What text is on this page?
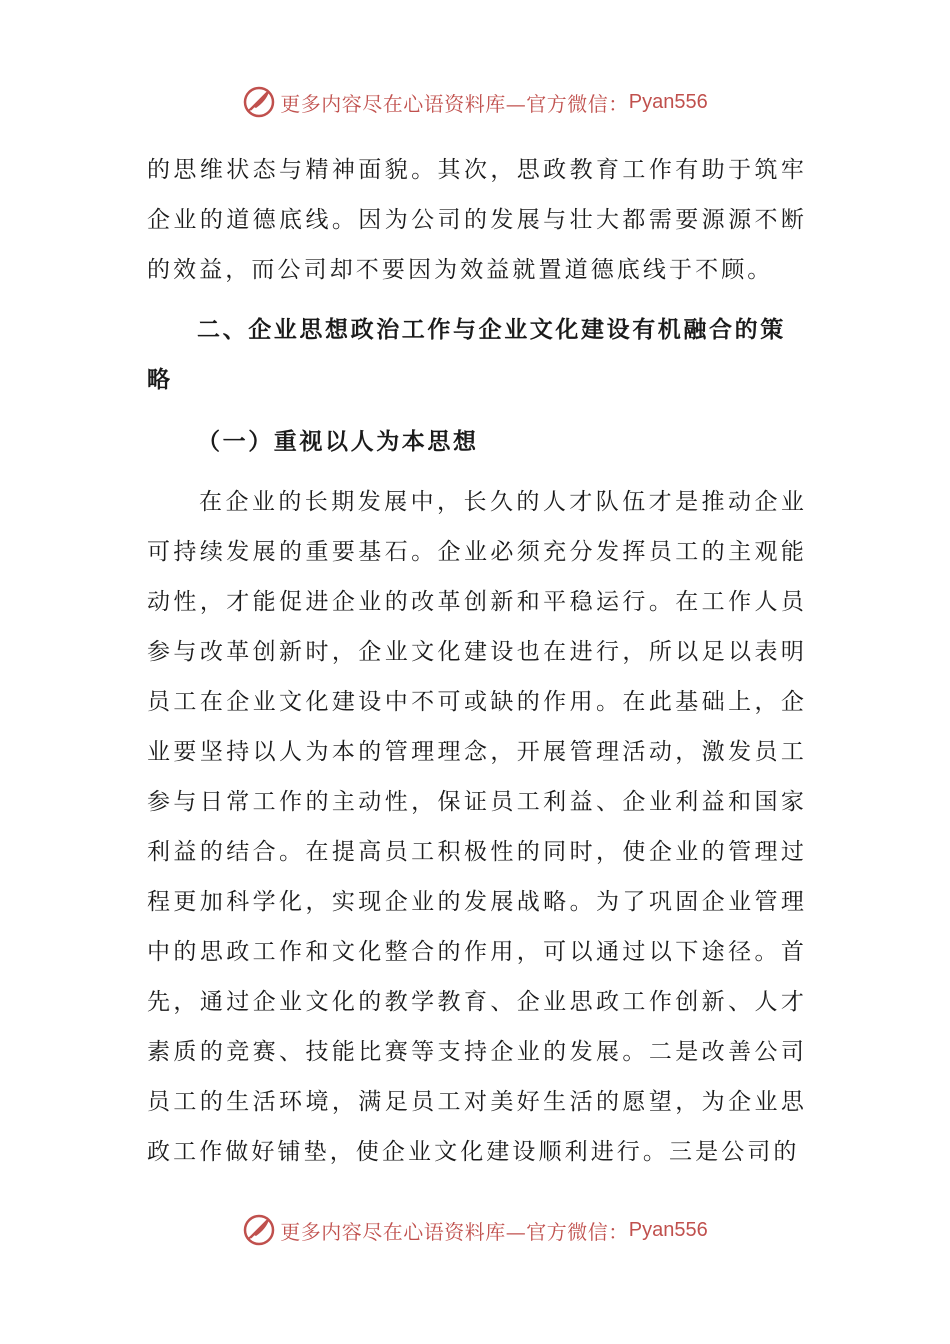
更多内容尽在心语资料库—官方微信： Pyan556

的思维状态与精神面貌。其次，思政教育工作有助于筑牢企业的道德底线。因为公司的发展与壮大都需要源源不断的效益，而公司却不要因为效益就置道德底线于不顾。

二、企业思想政治工作与企业文化建设有机融合的策略

（一）重视以人为本思想

在企业的长期发展中，长久的人才队伍才是推动企业可持续发展的重要基石。企业必须充分发挥员工的主观能动性，才能促进企业的改革创新和平稳运行。在工作人员参与改革创新时，企业文化建设也在进行，所以足以表明员工在企业文化建设中不可或缺的作用。在此基础上，企业要坚持以人为本的管理理念，开展管理活动，激发员工参与日常工作的主动性，保证员工利益、企业利益和国家利益的结合。在提高员工积极性的同时，使企业的管理过程更加科学化，实现企业的发展战略。为了巩固企业管理中的思政工作和文化整合的作用，可以通过以下途径。首先，通过企业文化的教学教育、企业思政工作创新、人才素质的竞赛、技能比赛等支持企业的发展。二是改善公司员工的生活环境，满足员工对美好生活的愿望，为企业思政工作做好铺垫，使企业文化建设顺利进行。三是公司的

更多内容尽在心语资料库—官方微信： Pyan556
